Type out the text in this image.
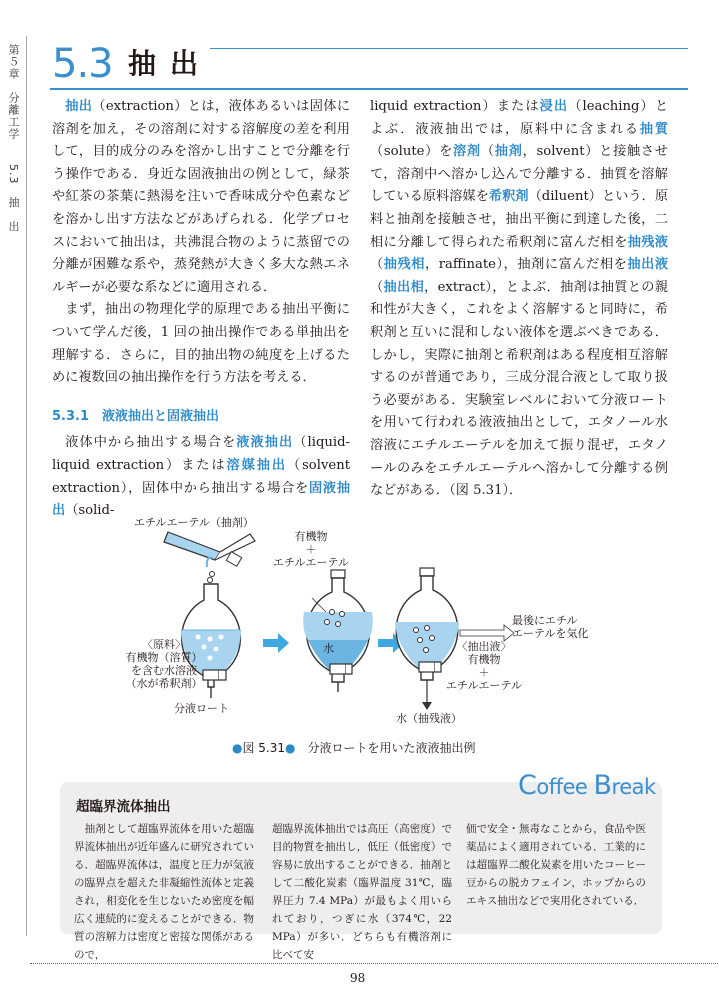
第５章　分離工学　　5.3　抽　出 5.3 抽出

抽出（extraction）とは，液体あるいは固体に溶剤を加え，その溶剤に対する溶解度の差を利用して，目的成分のみを溶かし出すことで分離を行う操作である．身近な固液抽出の例として，緑茶や紅茶の茶葉に熱湯を注いで香味成分や色素などを溶かし出す方法などがあげられる．化学プロセスにおいて抽出は，共沸混合物のように蒸留での分離が困難な系や，蒸発熱が大きく多大な熱エネルギーが必要な系などに適用される．

まず，抽出の物理化学的原理である抽出平衡について学んだ後，1 回の抽出操作である単抽出を理解する．さらに，目的抽出物の純度を上げるために複数回の抽出操作を行う方法を考える．

5.3.1　液液抽出と固液抽出

液体中から抽出する場合を液液抽出（liquid-liquid extraction）または溶媒抽出（solvent extraction），固体中から抽出する場合を固液抽出（solid-

liquid extraction）または浸出（leaching）とよぶ．液液抽出では，原料中に含まれる抽質（solute）を溶剤（抽剤，solvent）と接触させて，溶剤中へ溶かし込んで分離する．抽質を溶解している原料溶媒を希釈剤（diluent）という．原料と抽剤を接触させ，抽出平衡に到達した後，二相に分離して得られた希釈剤に富んだ相を抽残液（抽残相，raffinate），抽剤に富んだ相を抽出液（抽出相，extract），とよぶ．抽剤は抽質との親和性が大きく，これをよく溶解すると同時に，希釈剤と互いに混和しない液体を選ぶべきである．しかし，実際に抽剤と希釈剤はある程度相互溶解するのが普通であり，三成分混合液として取り扱う必要がある．実験室レベルにおいて分液ロートを用いて行われる液液抽出として，エタノール水溶液にエチルエーテルを加えて振り混ぜ，エタノールのみをエチルエーテルへ溶かして分離する例などがある．（図 5.31）．

エチルエーテル（抽剤）
有機物
＋
エチルエーテル
〈原料〉
有機物（溶質）
を含む水溶液
（水が希釈剤）
分液ロート
水	〈抽出液〉
有機物
＋
エチルエーテル
最後にエチル
エーテルを気化
水（抽残液）
●図 5.31●　 分液ロートを用いた液液抽出例
Coffee Break
超臨界流体抽出
抽剤として超臨界流体を用いた超臨界流体抽出が近年盛んに研究されている．超臨界流体は，温度と圧力が気液の臨界点を超えた非凝縮性流体と定義され，相変化を生じないため密度を幅広く連続的に変えることができる．物質の溶解力は密度と密接な関係があるので，
超臨界流体抽出では高圧（高密度）で目的物質を抽出し，低圧（低密度）で容易に放出することができる．抽剤として二酸化炭素（臨界温度 31℃，臨界圧力 7.4 MPa）が最もよく用いられており，つぎに水（374℃，22 MPa）が多い．どちらも有機溶剤に比べて安
価で安全・無毒なことから，食品や医薬品によく適用されている．工業的には超臨界二酸化炭素を用いたコーヒー豆からの脱カフェイン，ホップからのエキス抽出などで実用化されている．
98
